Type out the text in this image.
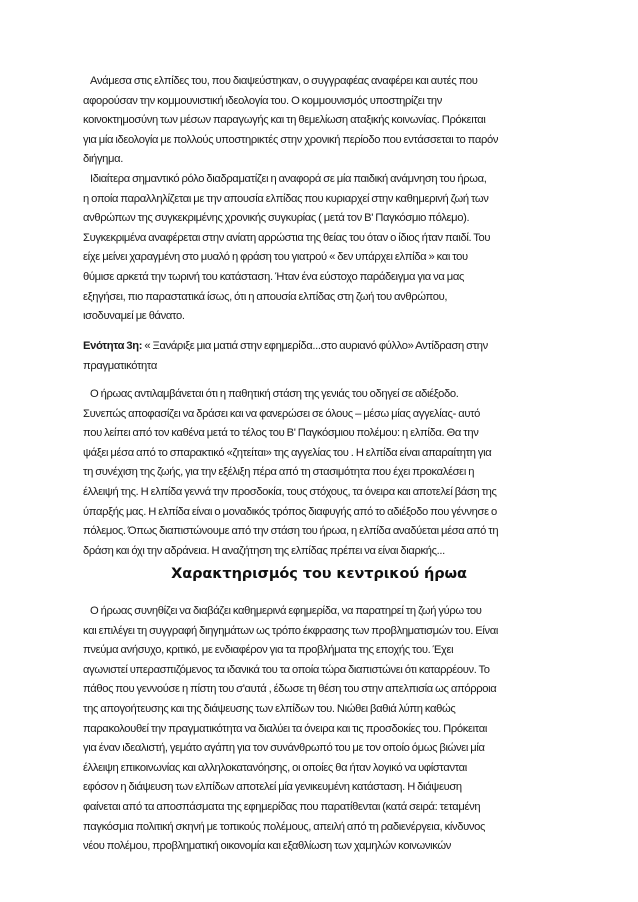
Ανάμεσα στις ελπίδες του, που διαψεύστηκαν, ο συγγραφέας αναφέρει και αυτές που
αφορούσαν την κομμουνιστική ιδεολογία του. Ο κομμουνισμός υποστηρίζει την
κοινοκτημοσύνη των μέσων παραγωγής και τη θεμελίωση αταξικής κοινωνίας. Πρόκειται
για μία ιδεολογία με πολλούς υποστηρικτές στην χρονική περίοδο που εντάσσεται το παρόν
διήγημα.
Ιδιαίτερα σημαντικό ρόλο διαδραματίζει η αναφορά σε μία παιδική ανάμνηση του ήρωα,
η οποία παραλληλίζεται με την απουσία ελπίδας που κυριαρχεί στην καθημερινή ζωή των
ανθρώπων της συγκεκριμένης χρονικής συγκυρίας ( μετά τον Β' Παγκόσμιο πόλεμο).
Συγκεκριμένα αναφέρεται στην ανίατη αρρώστια της θείας του όταν ο ίδιος ήταν παιδί. Του
είχε μείνει χαραγμένη στο μυαλό η φράση του γιατρού « δεν υπάρχει ελπίδα » και του
θύμισε αρκετά την τωρινή του κατάσταση. Ήταν ένα εύστοχο παράδειγμα για να μας
εξηγήσει, πιο παραστατικά ίσως, ότι η απουσία ελπίδας στη ζωή του ανθρώπου,
ισοδυναμεί με θάνατο.
Ενότητα 3η: « Ξανάριξε μια ματιά στην εφημερίδα...στο αυριανό φύλλο» Αντίδραση στην
πραγματικότητα
Ο ήρωας αντιλαμβάνεται ότι η παθητική στάση της γενιάς του οδηγεί σε αδιέξοδο.
Συνεπώς αποφασίζει να δράσει και να φανερώσει σε όλους – μέσω μίας αγγελίας- αυτό
που λείπει από τον καθένα μετά το τέλος του Β' Παγκόσμιου πολέμου: η ελπίδα. Θα την
ψάξει μέσα από το σπαρακτικό «ζητείται» της αγγελίας του . Η ελπίδα είναι απαραίτητη για
τη συνέχιση της ζωής, για την εξέλιξη πέρα από τη στασιμότητα που έχει προκαλέσει η
έλλειψή της. Η ελπίδα γεννά την προσδοκία, τους στόχους, τα όνειρα και αποτελεί βάση της
ύπαρξής μας. Η ελπίδα είναι ο μοναδικός τρόπος διαφυγής από το αδιέξοδο που γέννησε ο
πόλεμος. Όπως διαπιστώνουμε από την στάση του ήρωα, η ελπίδα αναδύεται μέσα από τη
δράση και όχι την αδράνεια. Η αναζήτηση της ελπίδας πρέπει να είναι διαρκής...
Χαρακτηρισμός του κεντρικού ήρωα
Ο ήρωας συνηθίζει να διαβάζει καθημερινά εφημερίδα, να παρατηρεί τη ζωή γύρω του
και επιλέγει τη συγγραφή διηγημάτων ως τρόπο έκφρασης των προβληματισμών του. Είναι
πνεύμα ανήσυχο, κριτικό, με ενδιαφέρον για τα προβλήματα της εποχής του. Έχει
αγωνιστεί υπερασπιζόμενος τα ιδανικά του τα οποία τώρα διαπιστώνει ότι καταρρέουν. Το
πάθος που γεννούσε η πίστη του σ'αυτά , έδωσε τη θέση του στην απελπισία ως απόρροια
της απογοήτευσης και της διάψευσης των ελπίδων του. Νιώθει βαθιά λύπη καθώς
παρακολουθεί την πραγματικότητα να διαλύει τα όνειρα και τις προσδοκίες του. Πρόκειται
για έναν ιδεαλιστή, γεμάτο αγάπη για τον συνάνθρωπό του με τον οποίο όμως βιώνει μία
έλλειψη επικοινωνίας και αλληλοκατανόησης, οι οποίες θα ήταν λογικό να υφίστανται
εφόσον η διάψευση των ελπίδων αποτελεί μία γενικευμένη κατάσταση. Η διάψευση
φαίνεται από τα αποσπάσματα της εφημερίδας που παρατίθενται (κατά σειρά: τεταμένη
παγκόσμια πολιτική σκηνή με τοπικούς πολέμους, απειλή από τη ραδιενέργεια, κίνδυνος
νέου πολέμου, προβληματική οικονομία και εξαθλίωση των χαμηλών κοινωνικών
